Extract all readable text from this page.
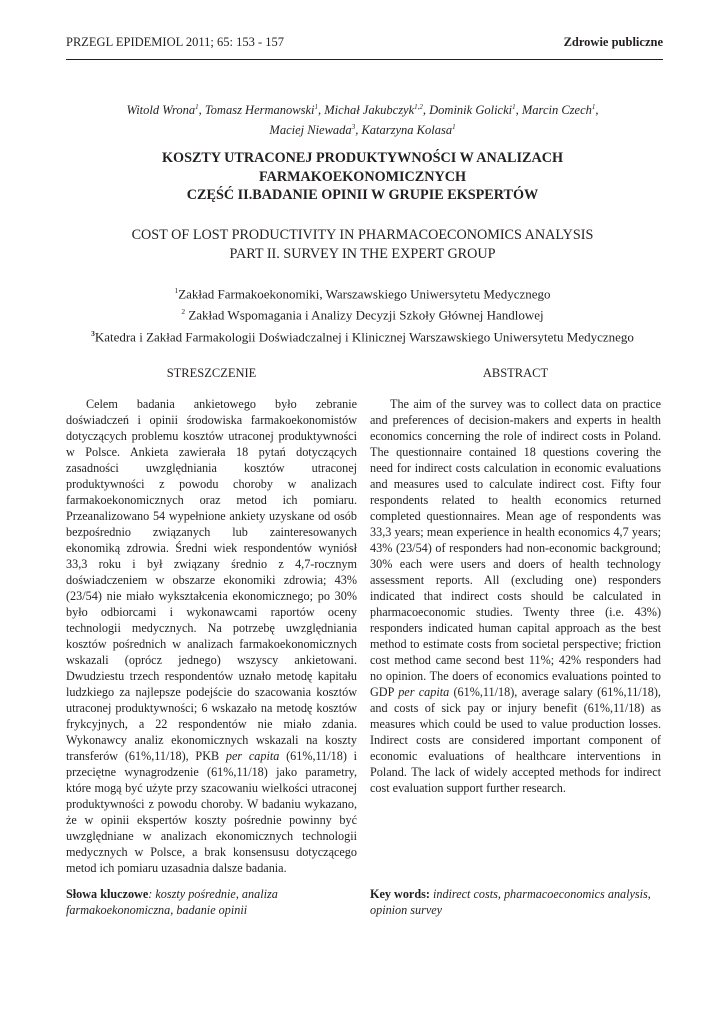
PRZEGL EPIDEMIOL 2011; 65: 153 - 157	Zdrowie publiczne
Witold Wrona$^1$, Tomasz Hermanowski$^1$, Michał Jakubczyk$^{1,2}$, Dominik Golicki$^1$, Marcin Czech$^1$,
Maciej Niewada$^3$, Katarzyna Kolasa$^1$
KOSZTY UTRACONEJ PRODUKTYWNOŚCI W ANALIZACH
FARMAKOEKONOMICZNYCH
CZĘŚĆ II.BADANIE OPINII W GRUPIE EKSPERTÓW
COST OF LOST PRODUCTIVITY IN PHARMACOECONOMICS ANALYSIS
PART II. SURVEY IN THE EXPERT GROUP
$^1$Zakład Farmakoekonomiki, Warszawskiego Uniwersytetu Medycznego
$^2$ Zakład Wspomagania i Analizy Decyzji Szkoły Głównej Handlowej
$^3$Katedra i Zakład Farmakologii Doświadczalnej i Klinicznej Warszawskiego Uniwersytetu Medycznego
STRESZCZENIE

Celem badania ankietowego było zebranie doświadczeń i opinii środowiska farmakoekonomistów dotyczących problemu kosztów utraconej produktywności w Polsce. Ankieta zawierała 18 pytań dotyczących zasadności uwzględniania kosztów utraconej produktywności z powodu choroby w analizach farmakoekonomicznych oraz metod ich pomiaru. Przeanalizowano 54 wypełnione ankiety uzyskane od osób bezpośrednio związanych lub zainteresowanych ekonomiką zdrowia. Średni wiek respondentów wyniósł 33,3 roku i był związany średnio z 4,7-rocznym doświadczeniem w obszarze ekonomiki zdrowia; 43% (23/54) nie miało wykształcenia ekonomicznego; po 30% było odbiorcami i wykonawcami raportów oceny technologii medycznych. Na potrzebę uwzględniania kosztów pośrednich w analizach farmakoekonomicznych wskazali (oprócz jednego) wszyscy ankietowani. Dwudziestu trzech respondentów uznało metodę kapitału ludzkiego za najlepsze podejście do szacowania kosztów utraconej produktywności; 6 wskazało na metodę kosztów frykcyjnych, a 22 respondentów nie miało zdania. Wykonawcy analiz ekonomicznych wskazali na koszty transferów (61%,11/18), PKB per capita (61%,11/18) i przeciętne wynagrodzenie (61%,11/18) jako parametry, które mogą być użyte przy szacowaniu wielkości utraconej produktywności z powodu choroby. W badaniu wykazano, że w opinii ekspertów koszty pośrednie powinny być uwzględniane w analizach ekonomicznych technologii medycznych w Polsce, a brak konsensusu dotyczącego metod ich pomiaru uzasadnia dalsze badania.

ABSTRACT

The aim of the survey was to collect data on practice and preferences of decision-makers and experts in health economics concerning the role of indirect costs in Poland. The questionnaire contained 18 questions covering the need for indirect costs calculation in economic evaluations and measures used to calculate indirect cost. Fifty four respondents related to health economics returned completed questionnaires. Mean age of respondents was 33,3 years; mean experience in health economics 4,7 years; 43% (23/54) of responders had non-economic background; 30% each were users and doers of health technology assessment reports. All (excluding one) responders indicated that indirect costs should be calculated in pharmacoeconomic studies. Twenty three (i.e. 43%) responders indicated human capital approach as the best method to estimate costs from societal perspective; friction cost method came second best 11%; 42% responders had no opinion. The doers of economics evaluations pointed to GDP per capita (61%,11/18), average salary (61%,11/18), and costs of sick pay or injury benefit (61%,11/18) as measures which could be used to value production losses. Indirect costs are considered important component of economic evaluations of healthcare interventions in Poland. The lack of widely accepted methods for indirect cost evaluation support further research.

Słowa kluczowe: koszty pośrednie, analiza farmakoekonomiczna, badanie opinii
Key words: indirect costs, pharmacoeconomics analysis, opinion survey
